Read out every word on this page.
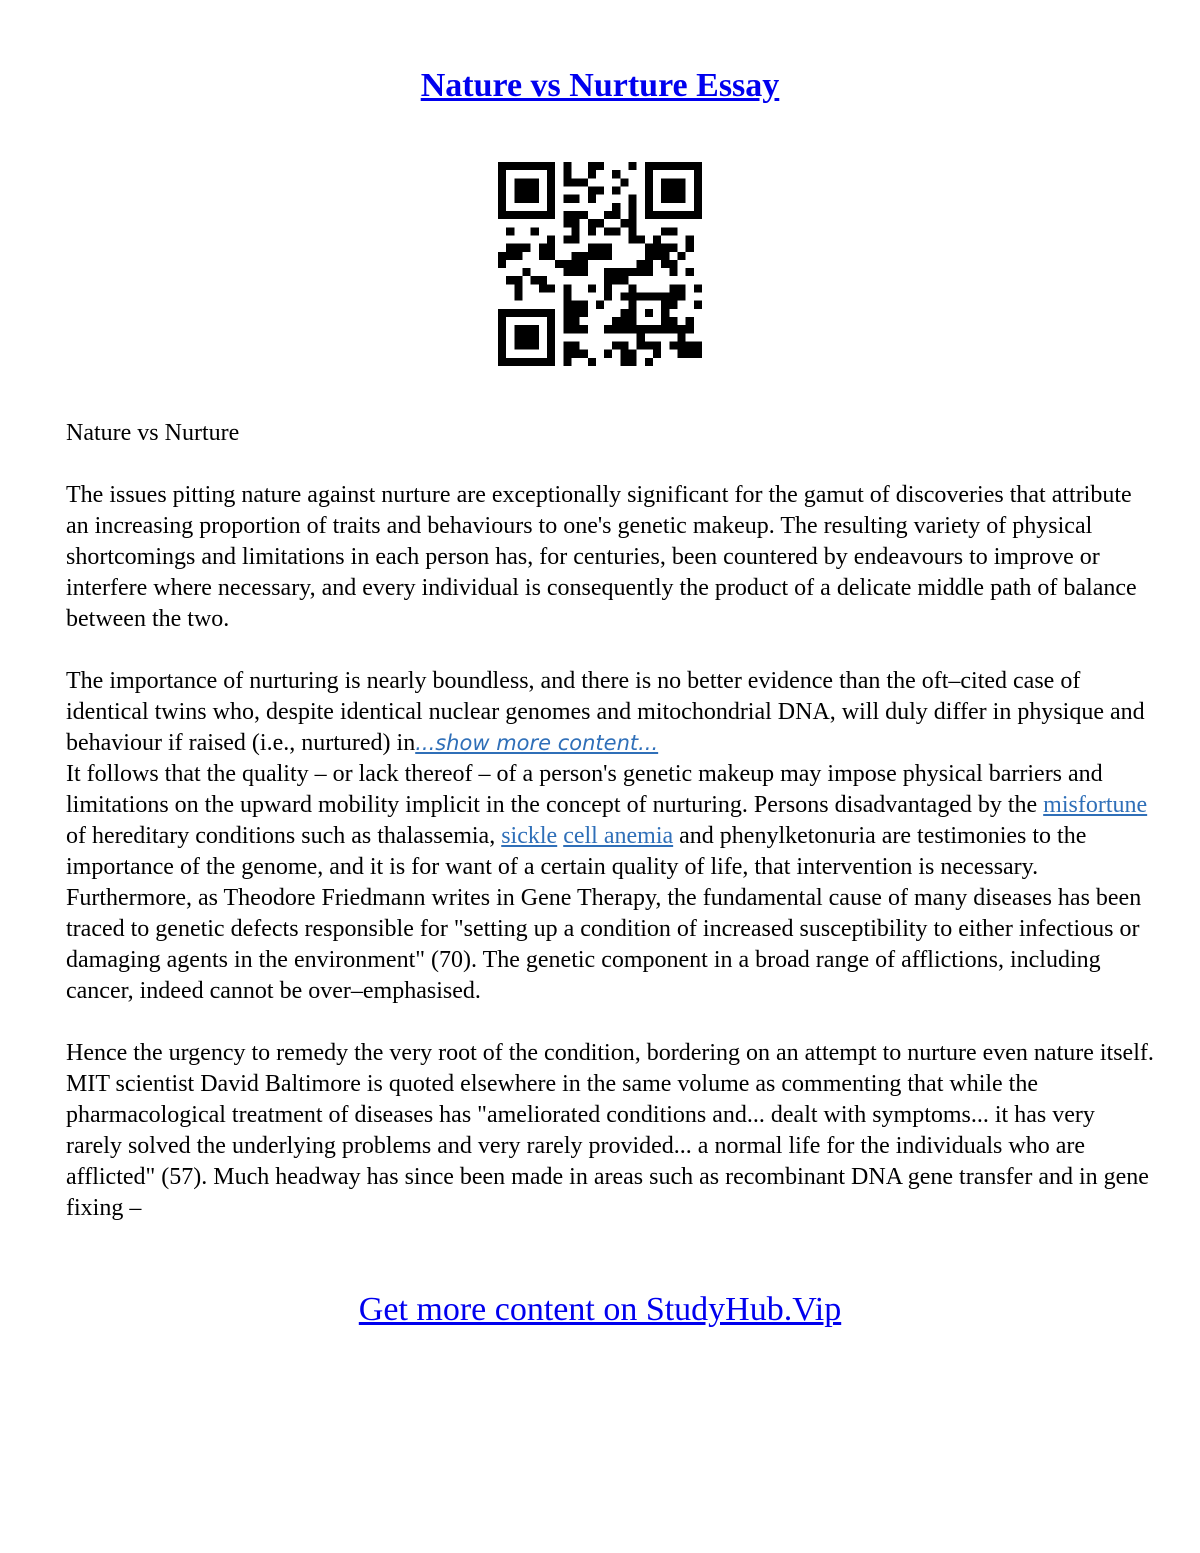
Nature vs Nurture Essay

Nature vs Nurture

The issues pitting nature against nurture are exceptionally significant for the gamut of discoveries that attribute an increasing proportion of traits and behaviours to one's genetic makeup. The resulting variety of physical shortcomings and limitations in each person has, for centuries, been countered by endeavours to improve or interfere where necessary, and every individual is consequently the product of a delicate middle path of balance between the two.

The importance of nurturing is nearly boundless, and there is no better evidence than the oft–cited case of identical twins who, despite identical nuclear genomes and mitochondrial DNA, will duly differ in physique and behaviour if raised (i.e., nurtured) in...show more content...

It follows that the quality – or lack thereof – of a person's genetic makeup may impose physical barriers and limitations on the upward mobility implicit in the concept of nurturing. Persons disadvantaged by the misfortune of hereditary conditions such as thalassemia, sickle cell anemia and phenylketonuria are testimonies to the importance of the genome, and it is for want of a certain quality of life, that intervention is necessary. Furthermore, as Theodore Friedmann writes in Gene Therapy, the fundamental cause of many diseases has been traced to genetic defects responsible for "setting up a condition of increased susceptibility to either infectious or damaging agents in the environment" (70). The genetic component in a broad range of afflictions, including cancer, indeed cannot be over–emphasised.

Hence the urgency to remedy the very root of the condition, bordering on an attempt to nurture even nature itself. MIT scientist David Baltimore is quoted elsewhere in the same volume as commenting that while the pharmacological treatment of diseases has "ameliorated conditions and... dealt with symptoms... it has very rarely solved the underlying problems and very rarely provided... a normal life for the individuals who are afflicted" (57). Much headway has since been made in areas such as recombinant DNA gene transfer and in gene fixing –

Get more content on StudyHub.Vip
